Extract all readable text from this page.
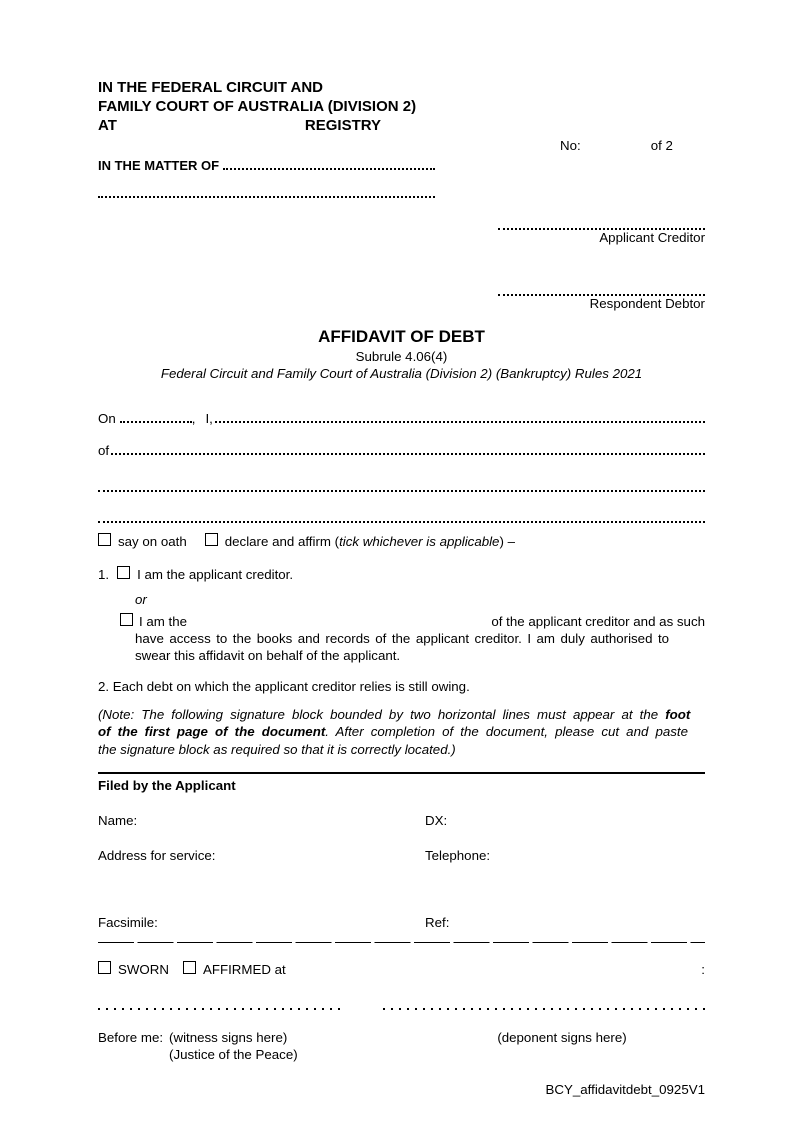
IN THE FEDERAL CIRCUIT AND
FAMILY COURT OF AUSTRALIA (DIVISION 2)
AT	REGISTRY
No:	of 2
IN THE MATTER OF
Applicant Creditor
Respondent Debtor
AFFIDAVIT OF DEBT
Subrule 4.06(4)
Federal Circuit and Family Court of Australia (Division 2) (Bankruptcy) Rules 2021
On	, I,
of
say on oath	declare and affirm (tick whichever is applicable) –
1. I am the applicant creditor.
or
I am the	of the applicant creditor and as such
have access to the books and records of the applicant creditor. I am duly authorised to
swear this affidavit on behalf of the applicant.
2. Each debt on which the applicant creditor relies is still owing.
(Note: The following signature block bounded by two horizontal lines must appear at the foot
of the first page of the document. After completion of the document, please cut and paste
the signature block as required so that it is correctly located.)
Filed by the Applicant
Name:	DX:
Address for service:	Telephone:
Facsimile:	Ref:
SWORN	AFFIRMED at	:
Before me: (witness signs here)
(Justice of the Peace)
(deponent signs here)
BCY_affidavitdebt_0925V1
